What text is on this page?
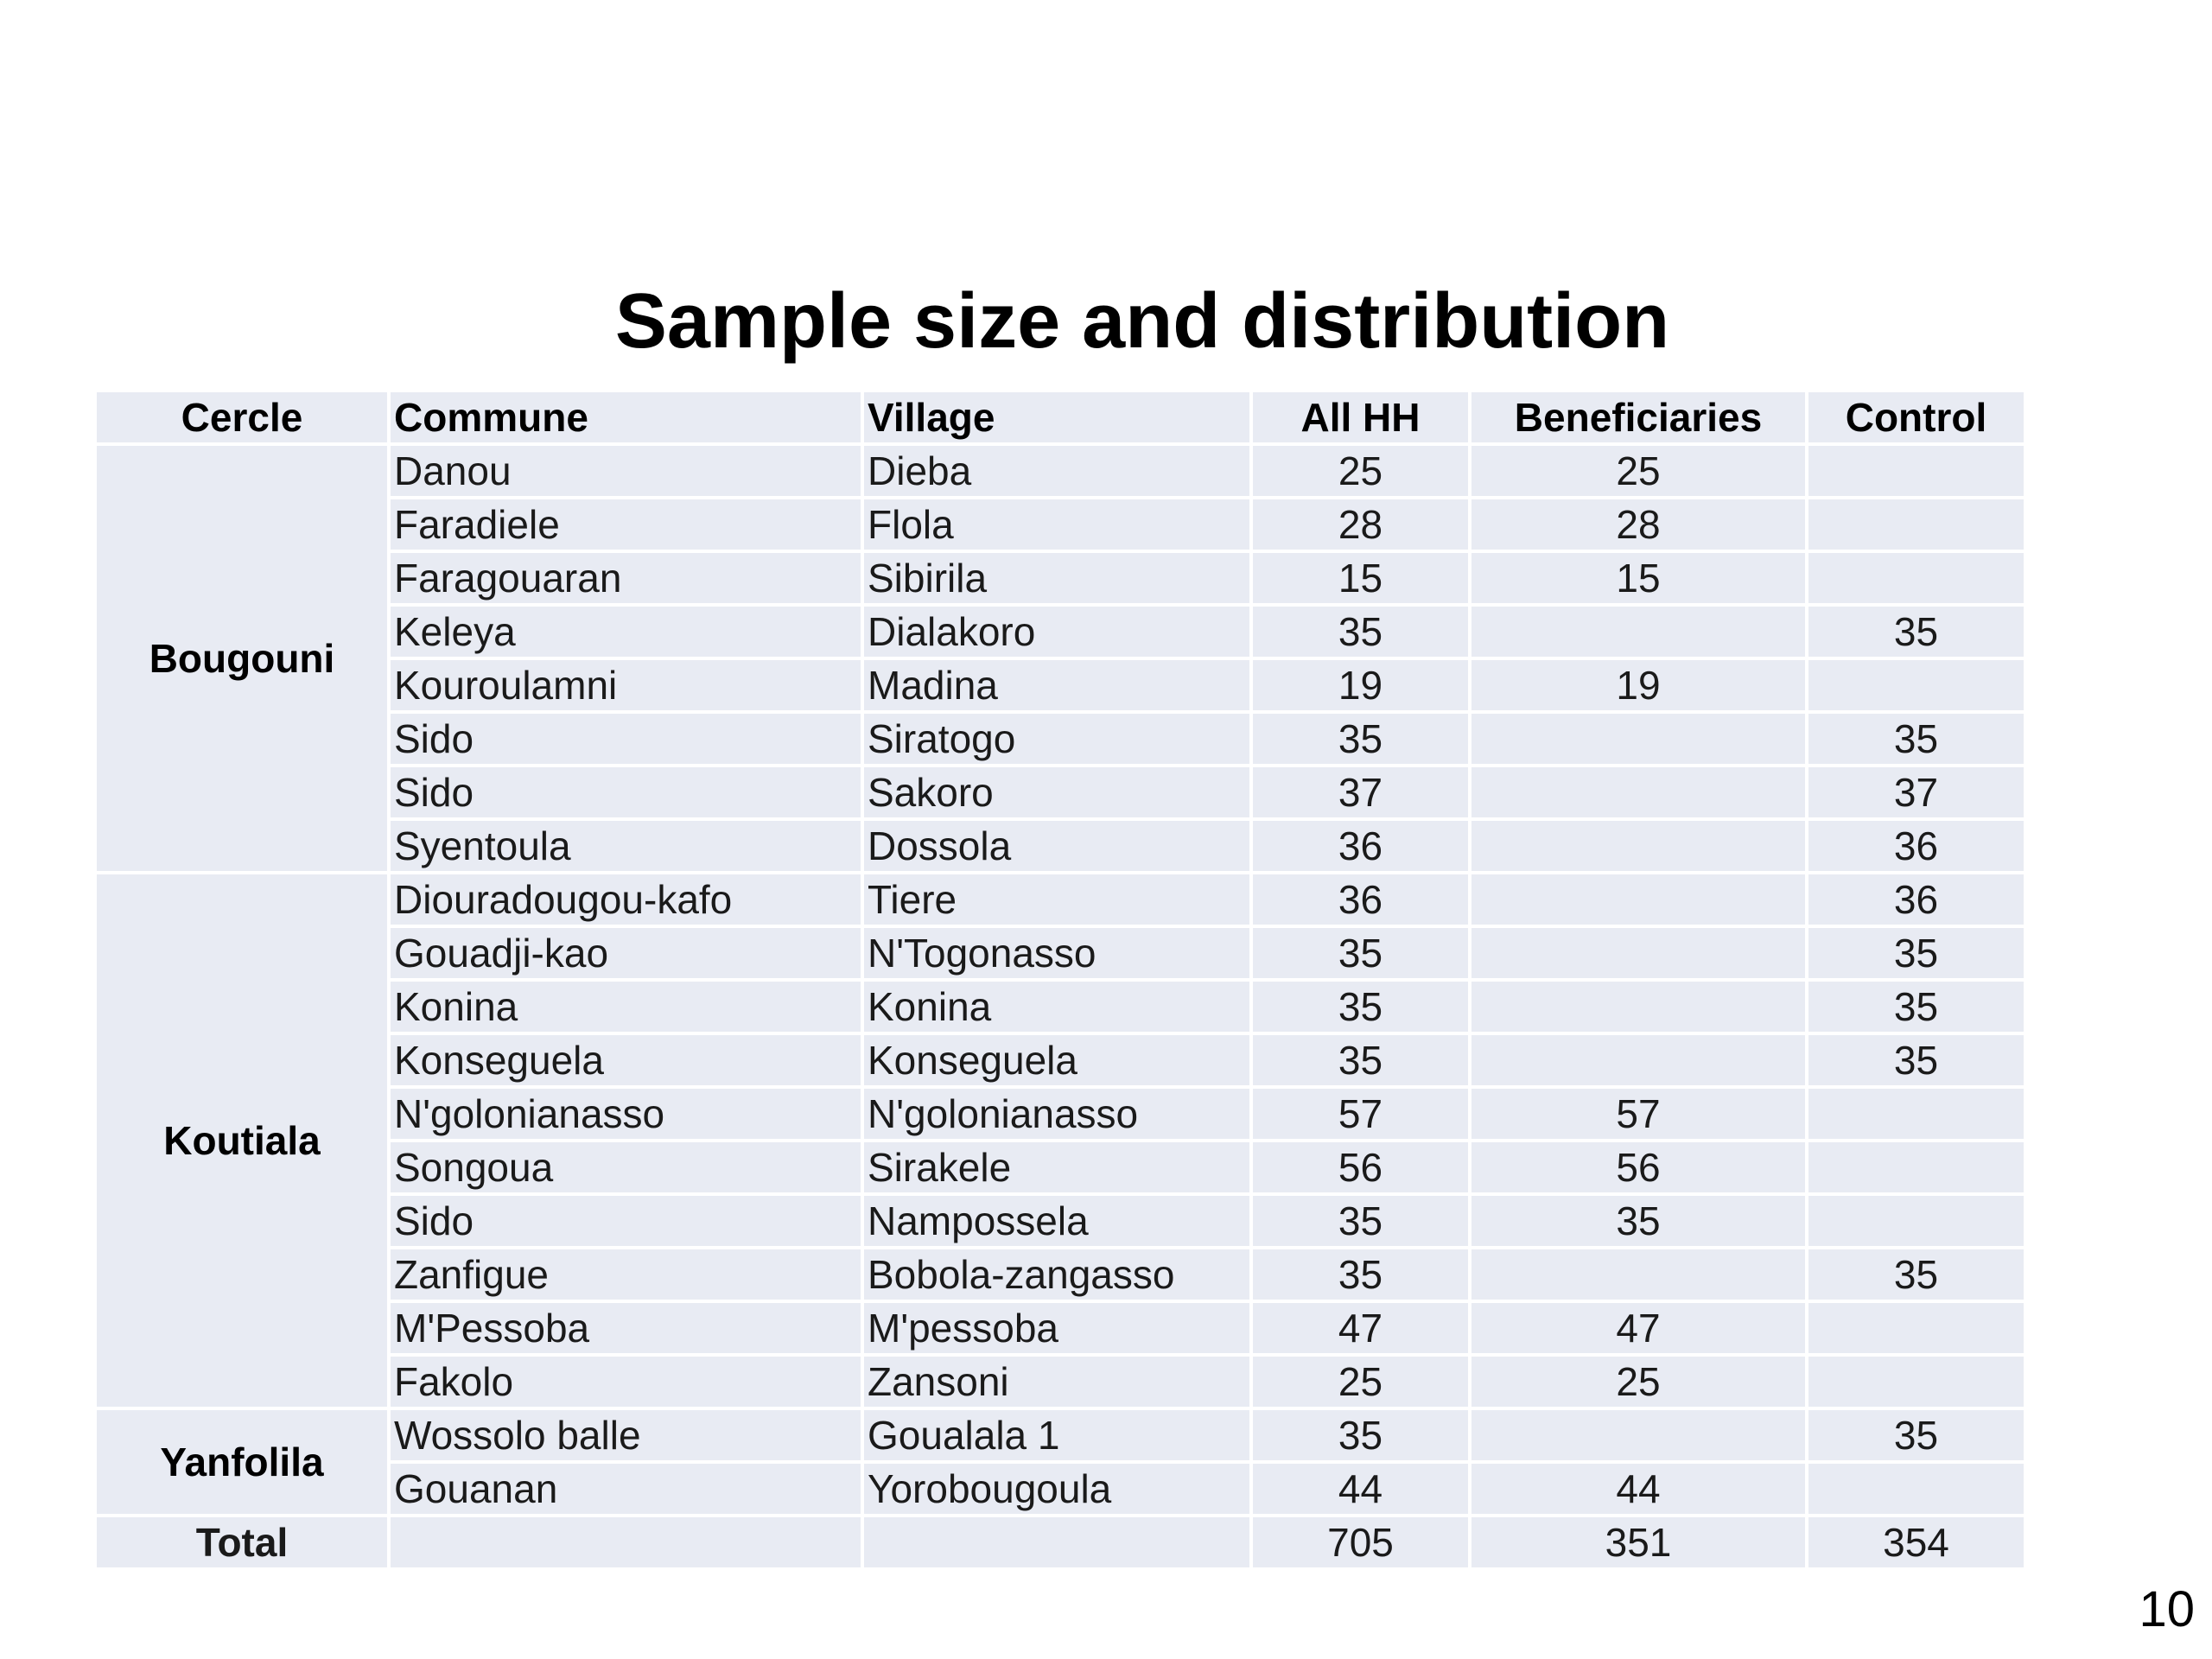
Sample size and distribution
Cercle	Commune	Village	All HH	Beneficiaries	Control
Bougouni	Danou	Dieba	25	25	
	Faradiele	Flola	28	28	
	Faragouaran	Sibirila	15	15	
	Keleya	Dialakoro	35		35
	Kouroulamni	Madina	19	19	
	Sido	Siratogo	35		35
	Sido	Sakoro	37		37
	Syentoula	Dossola	36		36
Koutiala	Diouradougou-kafo	Tiere	36		36
	Gouadji-kao	N'Togonasso	35		35
	Konina	Konina	35		35
	Konseguela	Konseguela	35		35
	N'golonianasso	N'golonianasso	57	57	
	Songoua	Sirakele	56	56	
	Sido	Nampossela	35	35	
	Zanfigue	Bobola-zangasso	35		35
	M'Pessoba	M'pessoba	47	47	
	Fakolo	Zansoni	25	25	
Yanfolila	Wossolo balle	Goualala 1	35		35
	Gouanan	Yorobougoula	44	44	
Total			705	351	354
10
